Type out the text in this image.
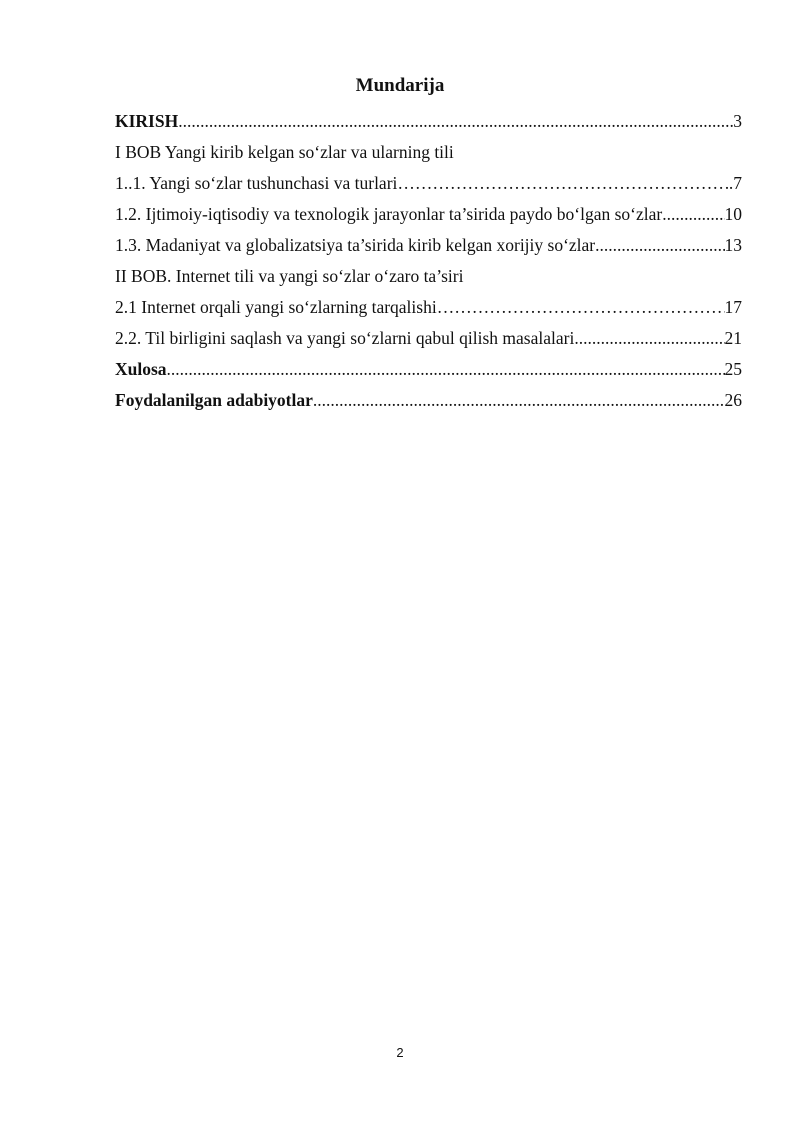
Mundarija
KIRISH .....	3
I BOB Yangi kirib kelgan so‘zlar va ularning tili
1..1. Yangi so‘zlar tushunchasi va turlari ……………………………………………………………………………………………………………………	.7
1.2. Ijtimoiy-iqtisodiy va texnologik jarayonlar ta’sirida paydo bo‘lgan so‘zlar .....	10
1.3. Madaniyat va globalizatsiya ta’sirida kirib kelgan xorijiy so‘zlar .....	13
II BOB. Internet tili va yangi so‘zlar o‘zaro ta’siri
2.1 Internet orqali yangi so‘zlarning tarqalishi ……………………………………………………………………………………………………………………	17
2.2. Til birligini saqlash va yangi so‘zlarni qabul qilish masalalari .....	21
Xulosa .....	25
Foydalanilgan adabiyotlar .....	26
2
